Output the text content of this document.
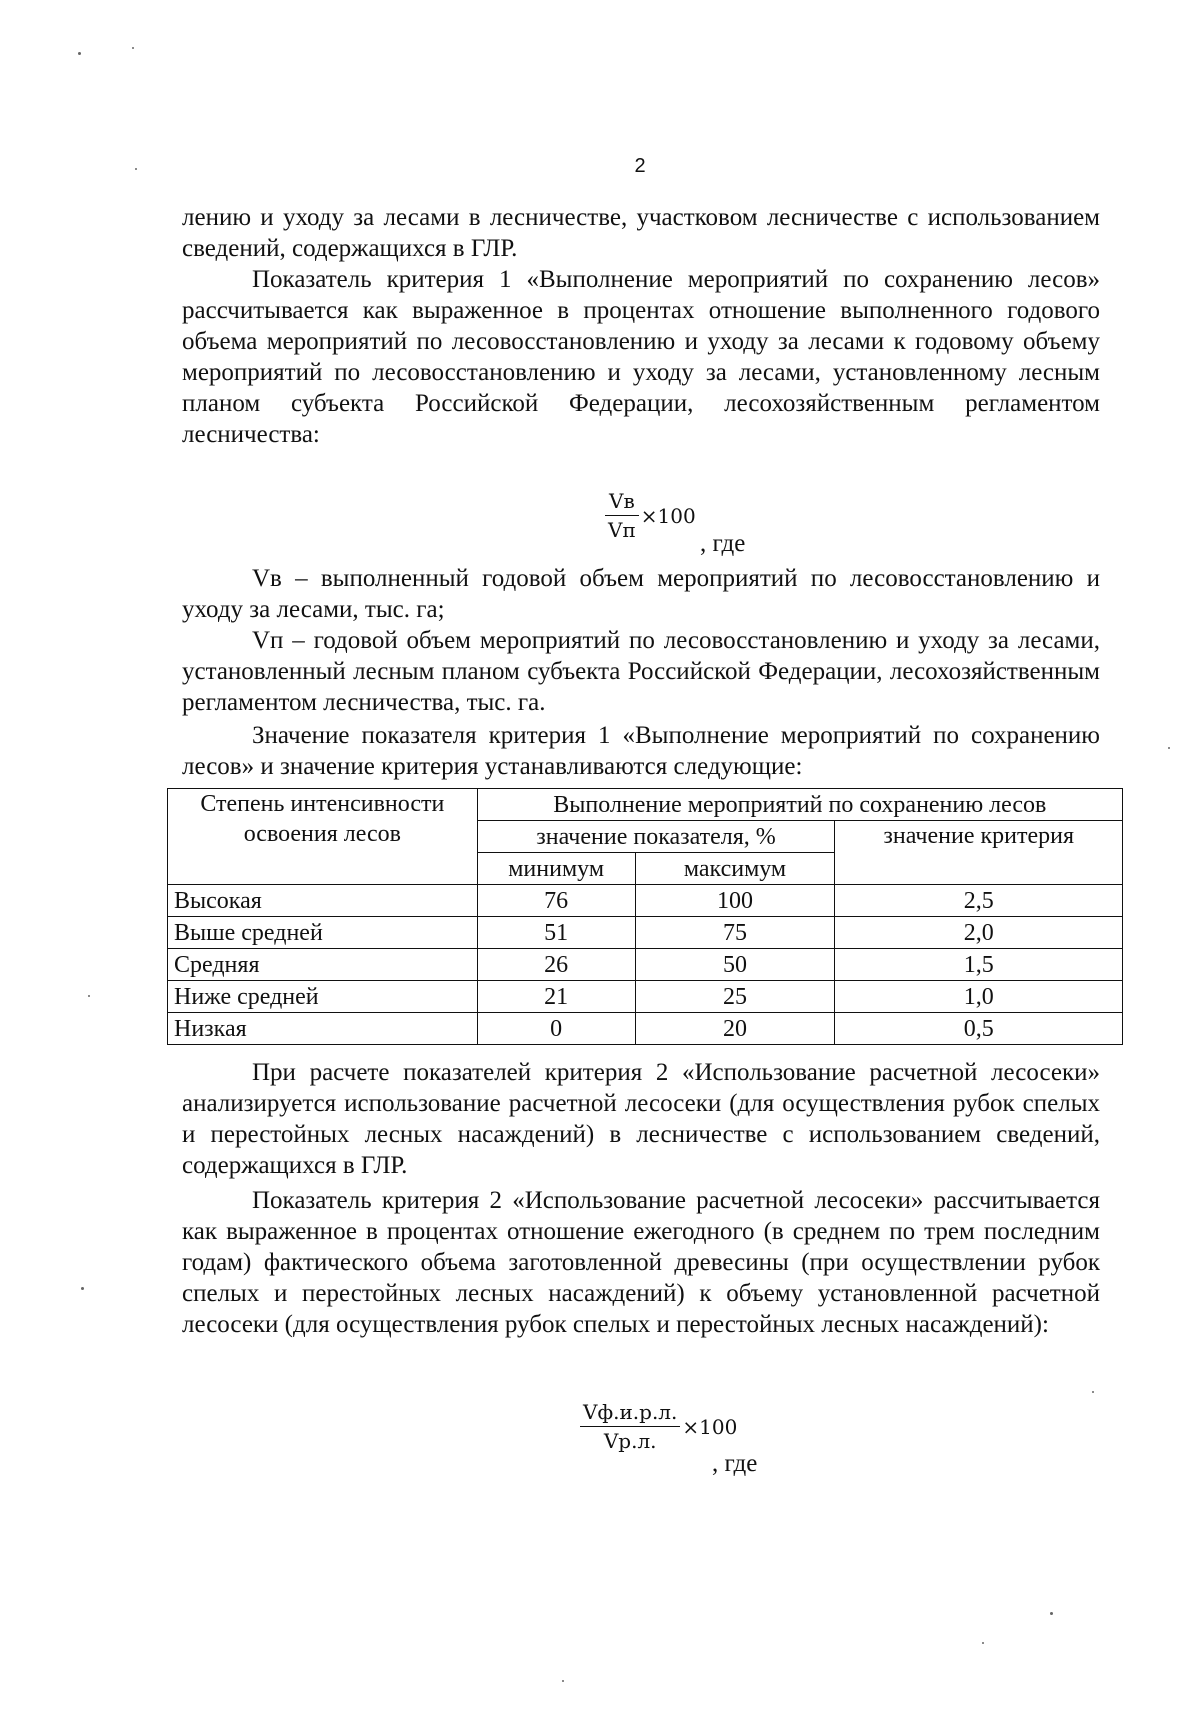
2

лению и уходу за лесами в лесничестве, участковом лесничестве с использованием сведений, содержащихся в ГЛР.

Показатель критерия 1 «Выполнение мероприятий по сохранению лесов» рассчитывается как выраженное в процентах отношение выполненного годового объема мероприятий по лесовосстановлению и уходу за лесами к годовому объему мероприятий по лесовосстановлению и уходу за лесами, установленному лесным планом субъекта Российской Федерации, лесохозяйственным регламентом лесничества:

$\frac{Vв}{Vп} \times 100$
, где

Vв – выполненный годовой объем мероприятий по лесовосстановлению и уходу за лесами, тыс. га;

Vп – годовой объем мероприятий по лесовосстановлению и уходу за лесами, установленный лесным планом субъекта Российской Федерации, лесохозяйственным регламентом лесничества, тыс. га.

Значение показателя критерия 1 «Выполнение мероприятий по сохранению лесов» и значение критерия устанавливаются следующие:

Степень интенсивности освоения лесов	Выполнение мероприятий по сохранению лесов		
	значение показателя, %		значение критерия
	минимум	максимум	
Высокая	76	100	2,5
Выше средней	51	75	2,0
Средняя	26	50	1,5
Ниже средней	21	25	1,0
Низкая	0	20	0,5

При расчете показателей критерия 2 «Использование расчетной лесосеки» анализируется использование расчетной лесосеки (для осуществления рубок спелых и перестойных лесных насаждений) в лесничестве с использованием сведений, содержащихся в ГЛР.

Показатель критерия 2 «Использование расчетной лесосеки» рассчитывается как выраженное в процентах отношение ежегодного (в среднем по трем последним годам) фактического объема заготовленной древесины (при осуществлении рубок спелых и перестойных лесных насаждений) к объему установленной расчетной лесосеки (для осуществления рубок спелых и перестойных лесных насаждений):

$\frac{Vф.и.р.л.}{Vр.л.} \times 100$
, где
